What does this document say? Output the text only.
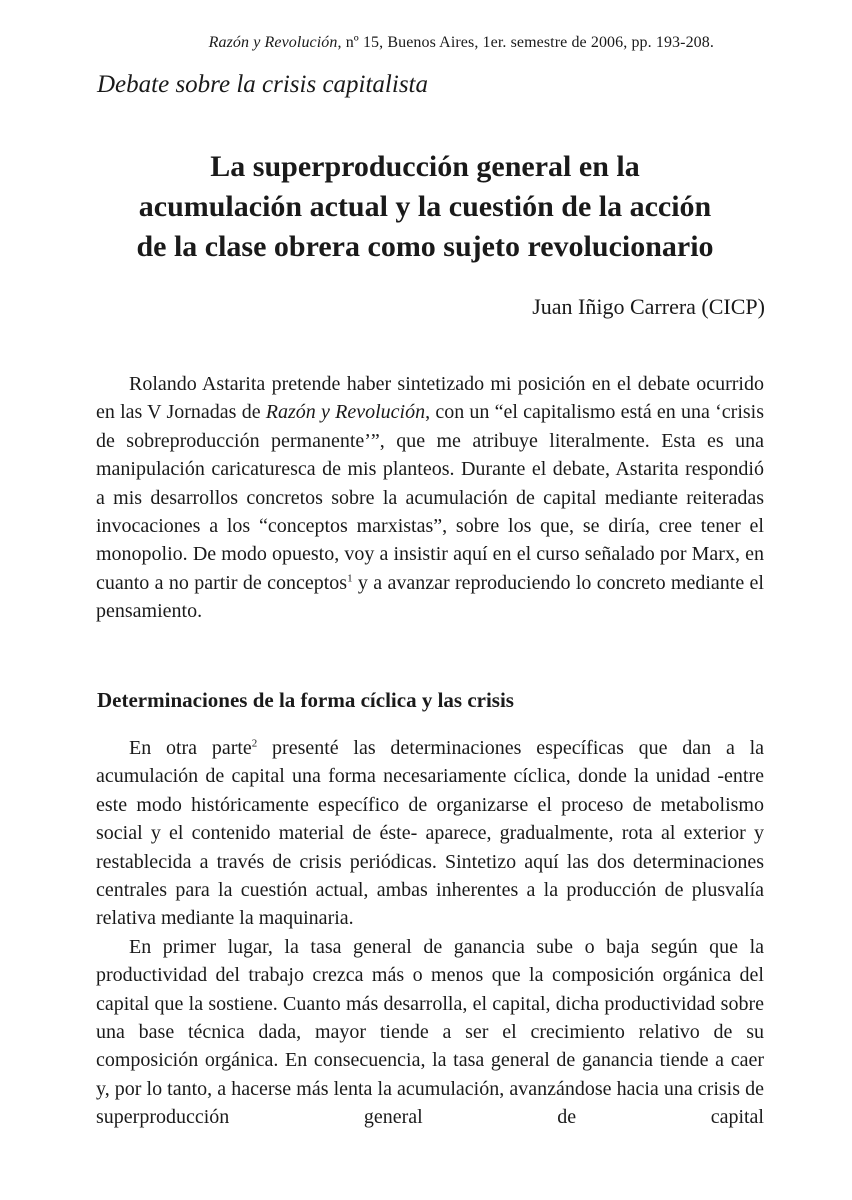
Razón y Revolución, nº 15, Buenos Aires, 1er. semestre de 2006, pp. 193-208.
Debate sobre la crisis capitalista
La superproducción general en la
acumulación actual y la cuestión de la acción
de la clase obrera como sujeto revolucionario
Juan Iñigo Carrera (CICP)

Rolando Astarita pretende haber sintetizado mi posición en el debate ocurrido en las V Jornadas de Razón y Revolución, con un “el capitalismo está en una ‘crisis de sobreproducción permanente’”, que me atribuye literalmente. Esta es una manipulación caricaturesca de mis planteos. Durante el debate, Astarita respondió a mis desarrollos concretos sobre la acumulación de capital mediante reiteradas invocaciones a los “conceptos marxistas”, sobre los que, se diría, cree tener el monopolio. De modo opuesto, voy a insistir aquí en el curso señalado por Marx, en cuanto a no partir de conceptos$^1$ y a avanzar reproduciendo lo concreto mediante el pensamiento.

Determinaciones de la forma cíclica y las crisis

En otra parte$^2$ presenté las determinaciones específicas que dan a la acumulación de capital una forma necesariamente cíclica, donde la unidad -entre este modo históricamente específico de organizarse el proceso de metabolismo social y el contenido material de éste- aparece, gradualmente, rota al exterior y restablecida a través de crisis periódicas. Sintetizo aquí las dos determinaciones centrales para la cuestión actual, ambas inherentes a la producción de plusvalía relativa mediante la maquinaria.

En primer lugar, la tasa general de ganancia sube o baja según que la productividad del trabajo crezca más o menos que la composición orgánica del capital que la sostiene. Cuanto más desarrolla, el capital, dicha productividad sobre una base técnica dada, mayor tiende a ser el crecimiento relativo de su composición orgánica. En consecuencia, la tasa general de ganancia tiende a caer y, por lo tanto, a hacerse más lenta la acumulación, avanzándose hacia una crisis de superproducción general de capital
